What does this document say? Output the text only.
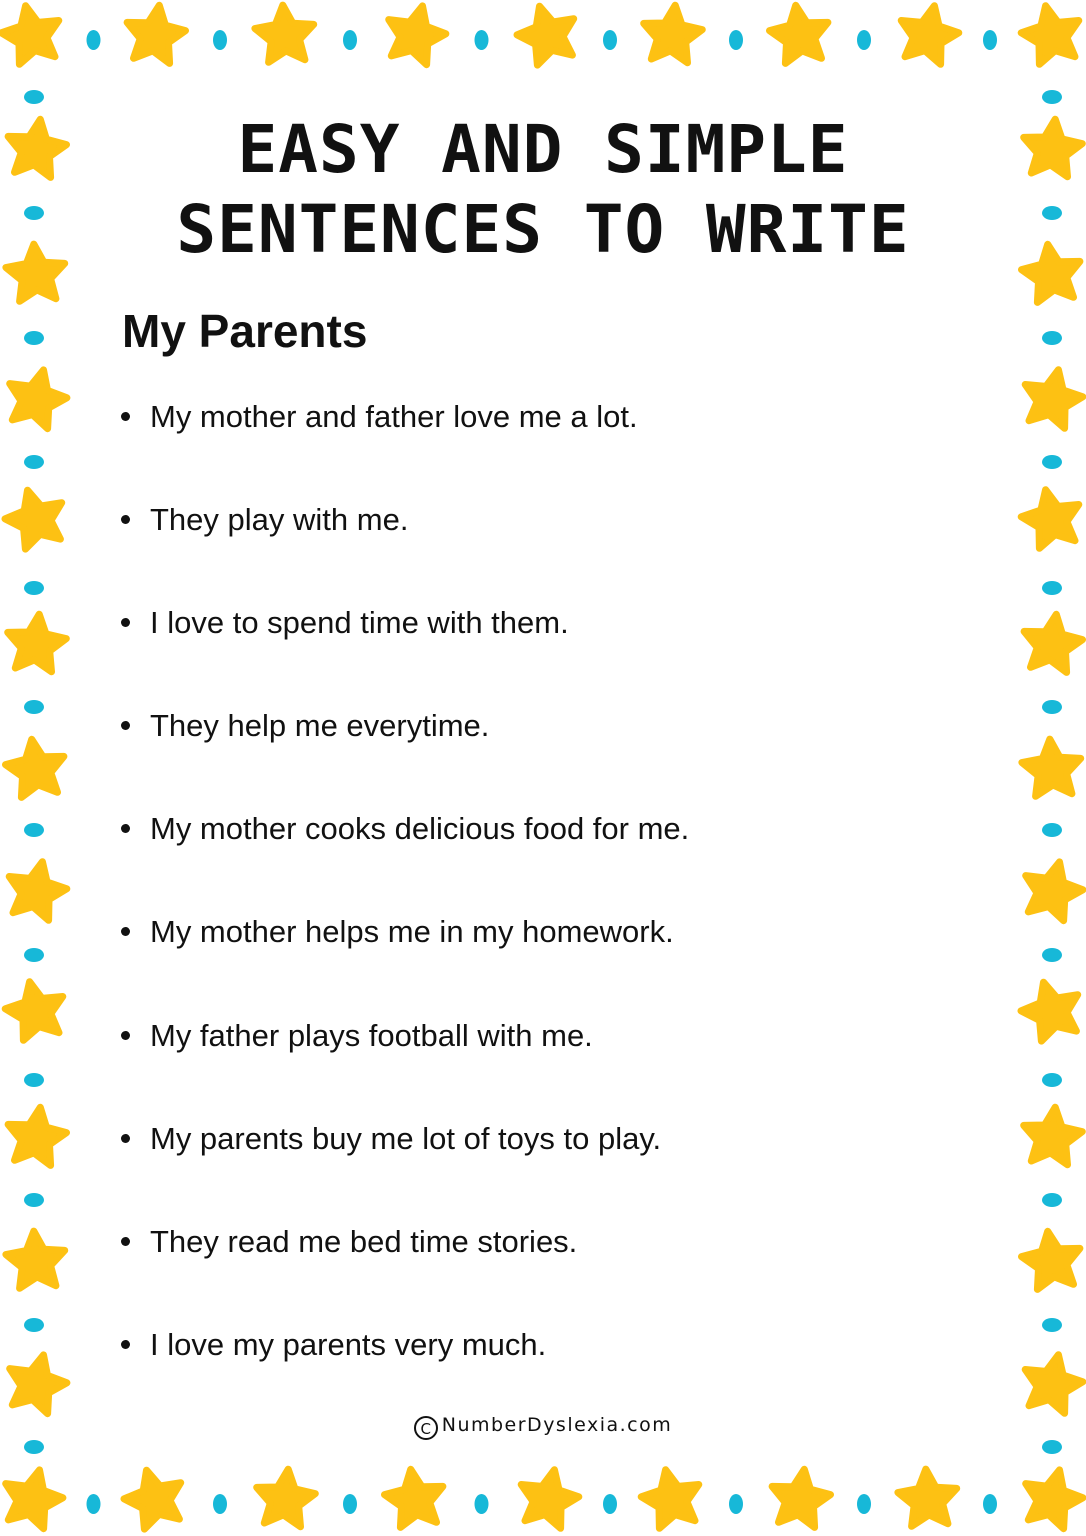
EASY AND SIMPLE
SENTENCES TO WRITE
My Parents
My mother and father love me a lot.
They play with me.
I love to spend time with them.
They help me everytime.
My mother cooks delicious food for me.
My mother helps me in my homework.
My father plays football with me.
My parents buy me lot of toys to play.
They read me bed time stories.
I love my parents very much.
C NumberDyslexia.com
